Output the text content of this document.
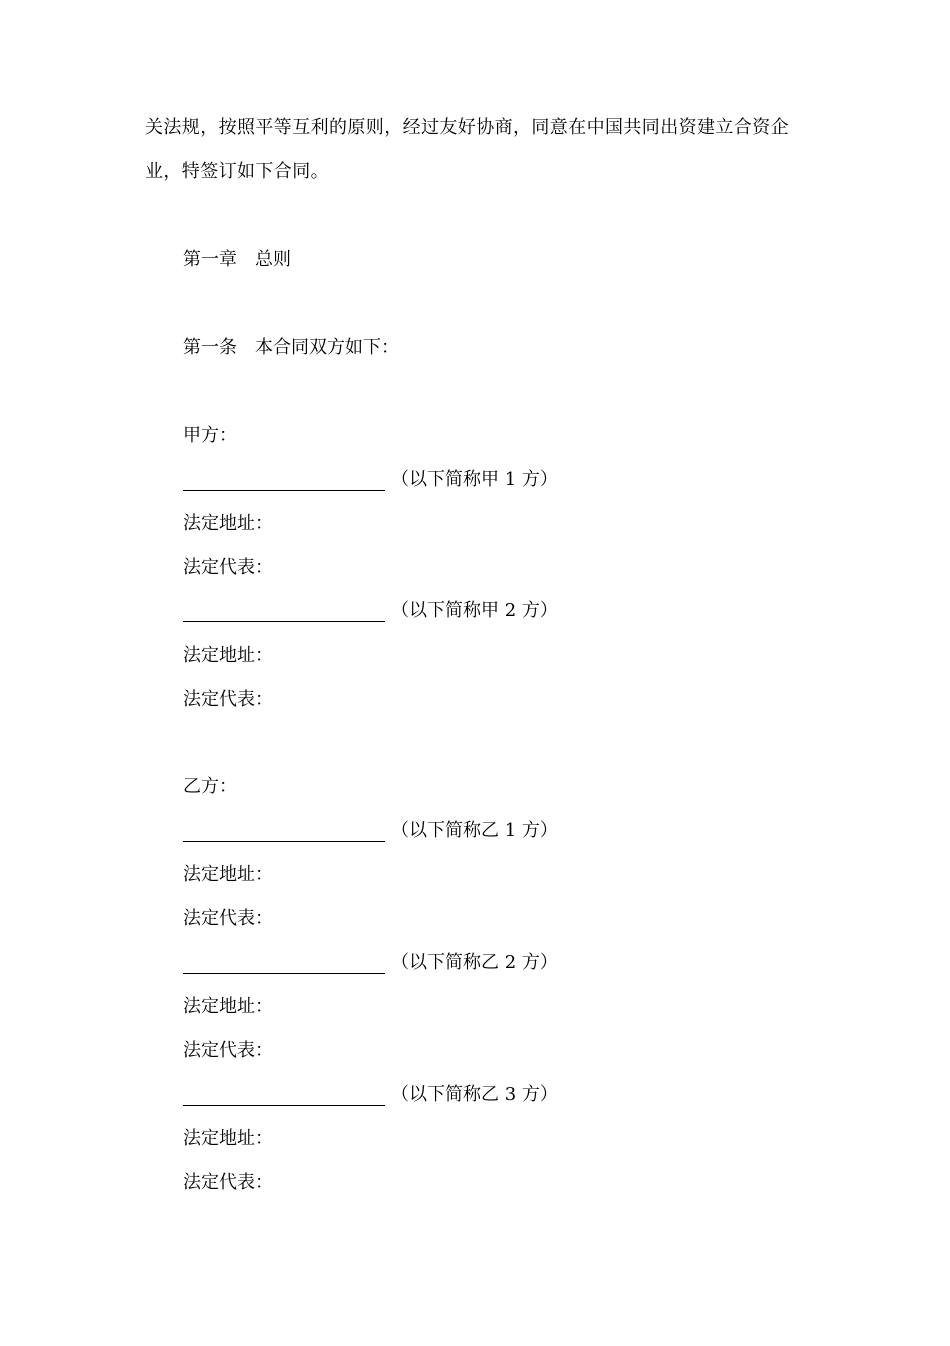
关法规，按照平等互利的原则，经过友好协商，同意在中国共同出资建立合资企
业，特签订如下合同。
第一章 总则
第一条 本合同双方如下：
甲方：
（以下简称甲 1 方）
法定地址：
法定代表：
（以下简称甲 2 方）
法定地址：
法定代表：
乙方：
（以下简称乙 1 方）
法定地址：
法定代表：
（以下简称乙 2 方）
法定地址：
法定代表：
（以下简称乙 3 方）
法定地址：
法定代表：
